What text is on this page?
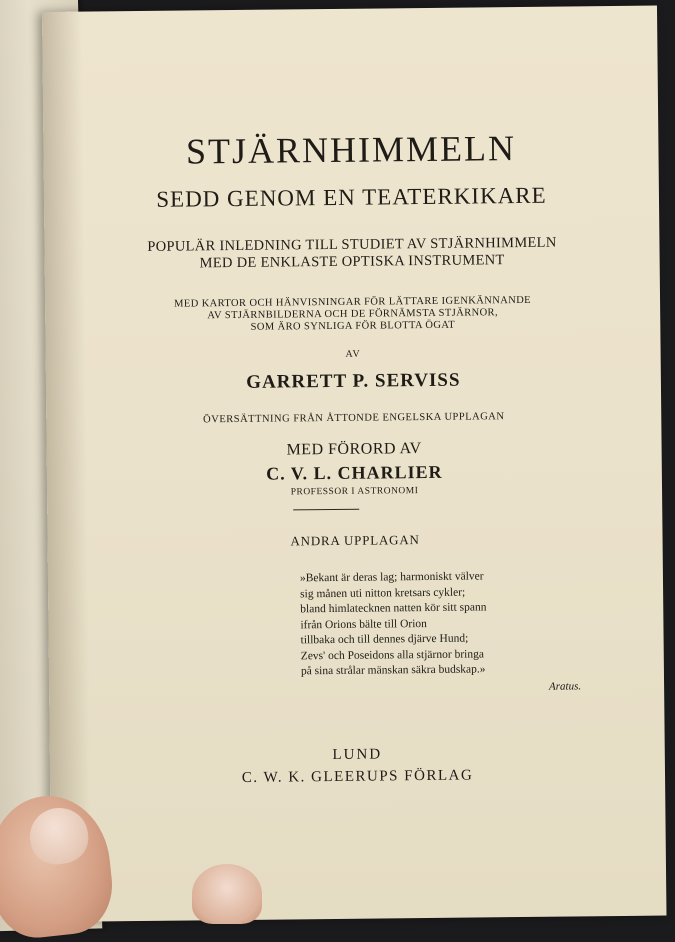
STJÄRNHIMMELN
SEDD GENOM EN TEATERKIKARE
POPULÄR INLEDNING TILL STUDIET AV STJÄRNHIMMELN
MED DE ENKLASTE OPTISKA INSTRUMENT
MED KARTOR OCH HÄNVISNINGAR FÖR LÄTTARE IGENKÄNNANDE
AV STJÄRNBILDERNA OCH DE FÖRNÄMSTA STJÄRNOR,
SOM ÄRO SYNLIGA FÖR BLOTTA ÖGAT
AV
GARRETT P. SERVISS
ÖVERSÄTTNING FRÅN ÅTTONDE ENGELSKA UPPLAGAN
MED FÖRORD AV
C. V. L. CHARLIER
PROFESSOR I ASTRONOMI
ANDRA UPPLAGAN
»Bekant är deras lag; harmoniskt välver
sig månen uti nitton kretsars cykler;
bland himlatecknen natten kör sitt spann
ifrån Orions bälte till Orion
tillbaka och till dennes djärve Hund;
Zevs' och Poseidons alla stjärnor bringa
på sina strålar mänskan säkra budskap.»
Aratus.
LUND
C. W. K. GLEERUPS FÖRLAG
